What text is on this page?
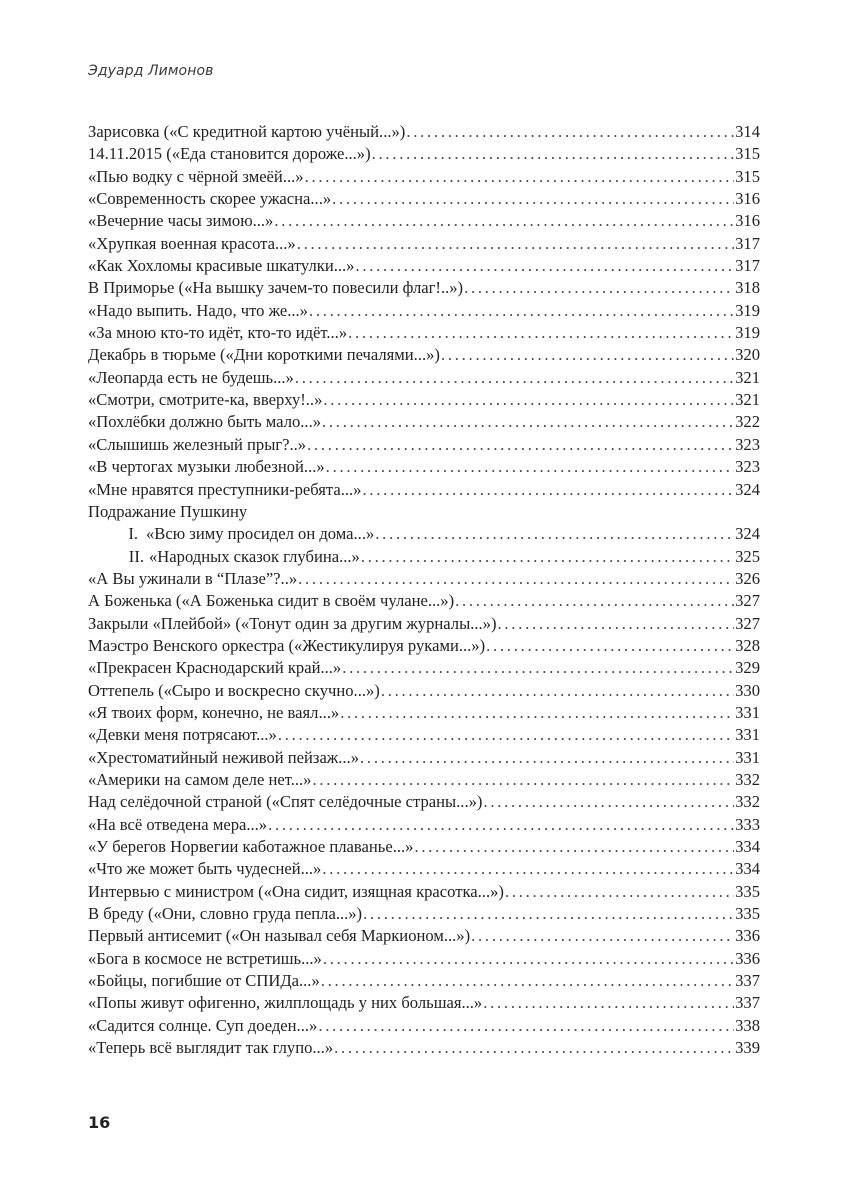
Эдуард Лимонов
Зарисовка («С кредитной картою учёный...») . . .	314
14.11.2015 («Еда становится дороже...») . . .	315
«Пью водку с чёрной змеёй...» . . .	315
«Современность скорее ужасна...» . . .	316
«Вечерние часы зимою...» . . .	316
«Хрупкая военная красота...» . . .	317
«Как Хохломы красивые шкатулки...» . . .	317
В Приморье («На вышку зачем-то повесили флаг!..») . . .	318
«Надо выпить. Надо, что же...» . . .	319
«За мною кто-то идёт, кто-то идёт...» . . .	319
Декабрь в тюрьме («Дни короткими печалями...») . . .	320
«Леопарда есть не будешь...» . . .	321
«Смотри, смотрите-ка, вверху!..» . . .	321
«Похлёбки должно быть мало...» . . .	322
«Слышишь железный прыг?..» . . .	323
«В чертогах музыки любезной...» . . .	323
«Мне нравятся преступники-ребята...» . . .	324
Подражание Пушкину
I. «Всю зиму просидел он дома...» . . .	324
II. «Народных сказок глубина...» . . .	325
«А Вы ужинали в “Плазе”?..» . . .	326
А Боженька («А Боженька сидит в своём чулане...») . . .	327
Закрыли «Плейбой» («Тонут один за другим журналы...») . . .	327
Маэстро Венского оркестра («Жестикулируя руками...») . . .	328
«Прекрасен Краснодарский край...» . . .	329
Оттепель («Сыро и воскресно скучно...») . . .	330
«Я твоих форм, конечно, не ваял...» . . .	331
«Девки меня потрясают...» . . .	331
«Хрестоматийный неживой пейзаж...» . . .	331
«Америки на самом деле нет...» . . .	332
Над селёдочной страной («Спят селёдочные страны...») . . .	332
«На всё отведена мера...» . . .	333
«У берегов Норвегии каботажное плаванье...» . . .	334
«Что же может быть чудесней...» . . .	334
Интервью с министром («Она сидит, изящная красотка...») . . .	335
В бреду («Они, словно груда пепла...») . . .	335
Первый антисемит («Он называл себя Маркионом...») . . .	336
«Бога в космосе не встретишь...» . . .	336
«Бойцы, погибшие от СПИДа...» . . .	337
«Попы живут офигенно, жилплощадь у них большая...» . . .	337
«Садится солнце. Суп доеден...» . . .	338
«Теперь всё выглядит так глупо...» . . .	339
16
